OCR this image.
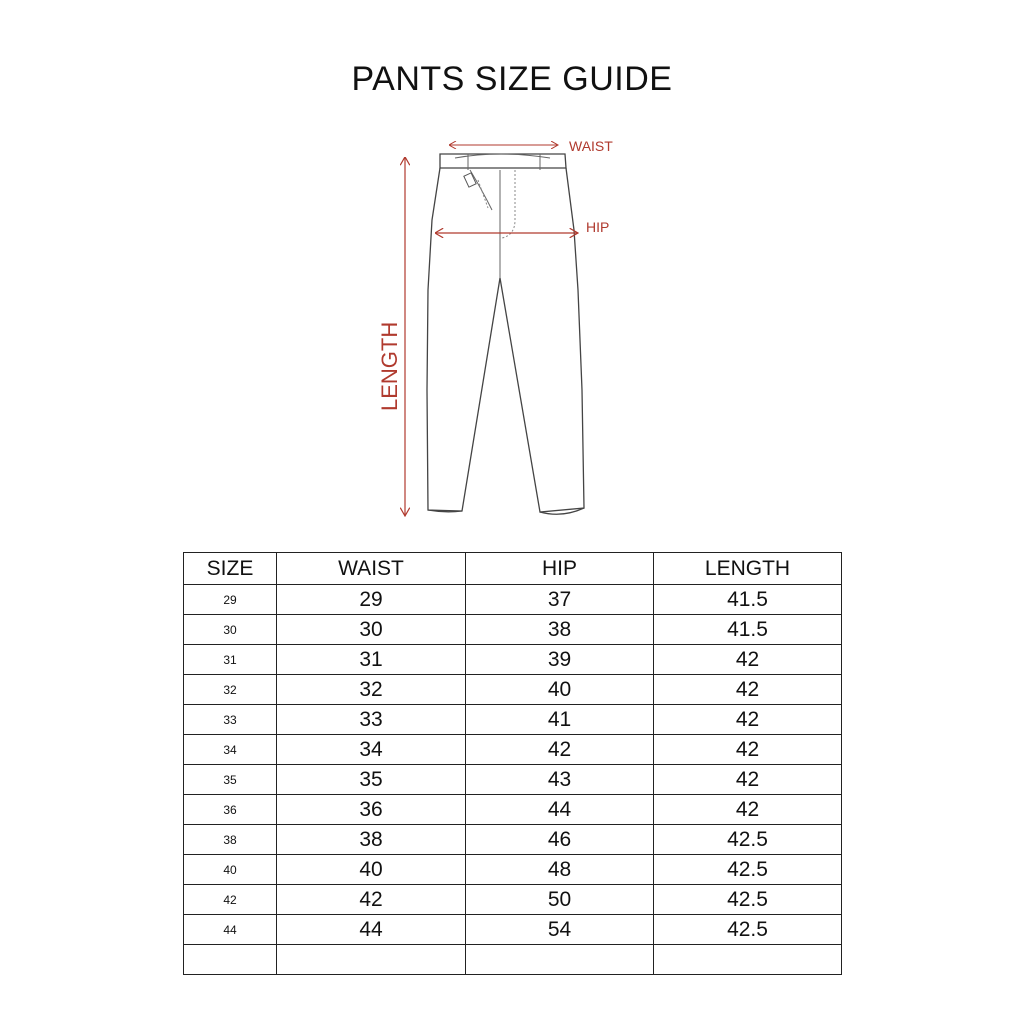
PANTS SIZE GUIDE
WAIST
HIP
LENGTH
SIZE	WAIST	HIP	LENGTH
29	29	37	41.5
30	30	38	41.5
31	31	39	42
32	32	40	42
33	33	41	42
34	34	42	42
35	35	43	42
36	36	44	42
38	38	46	42.5
40	40	48	42.5
42	42	50	42.5
44	44	54	42.5
